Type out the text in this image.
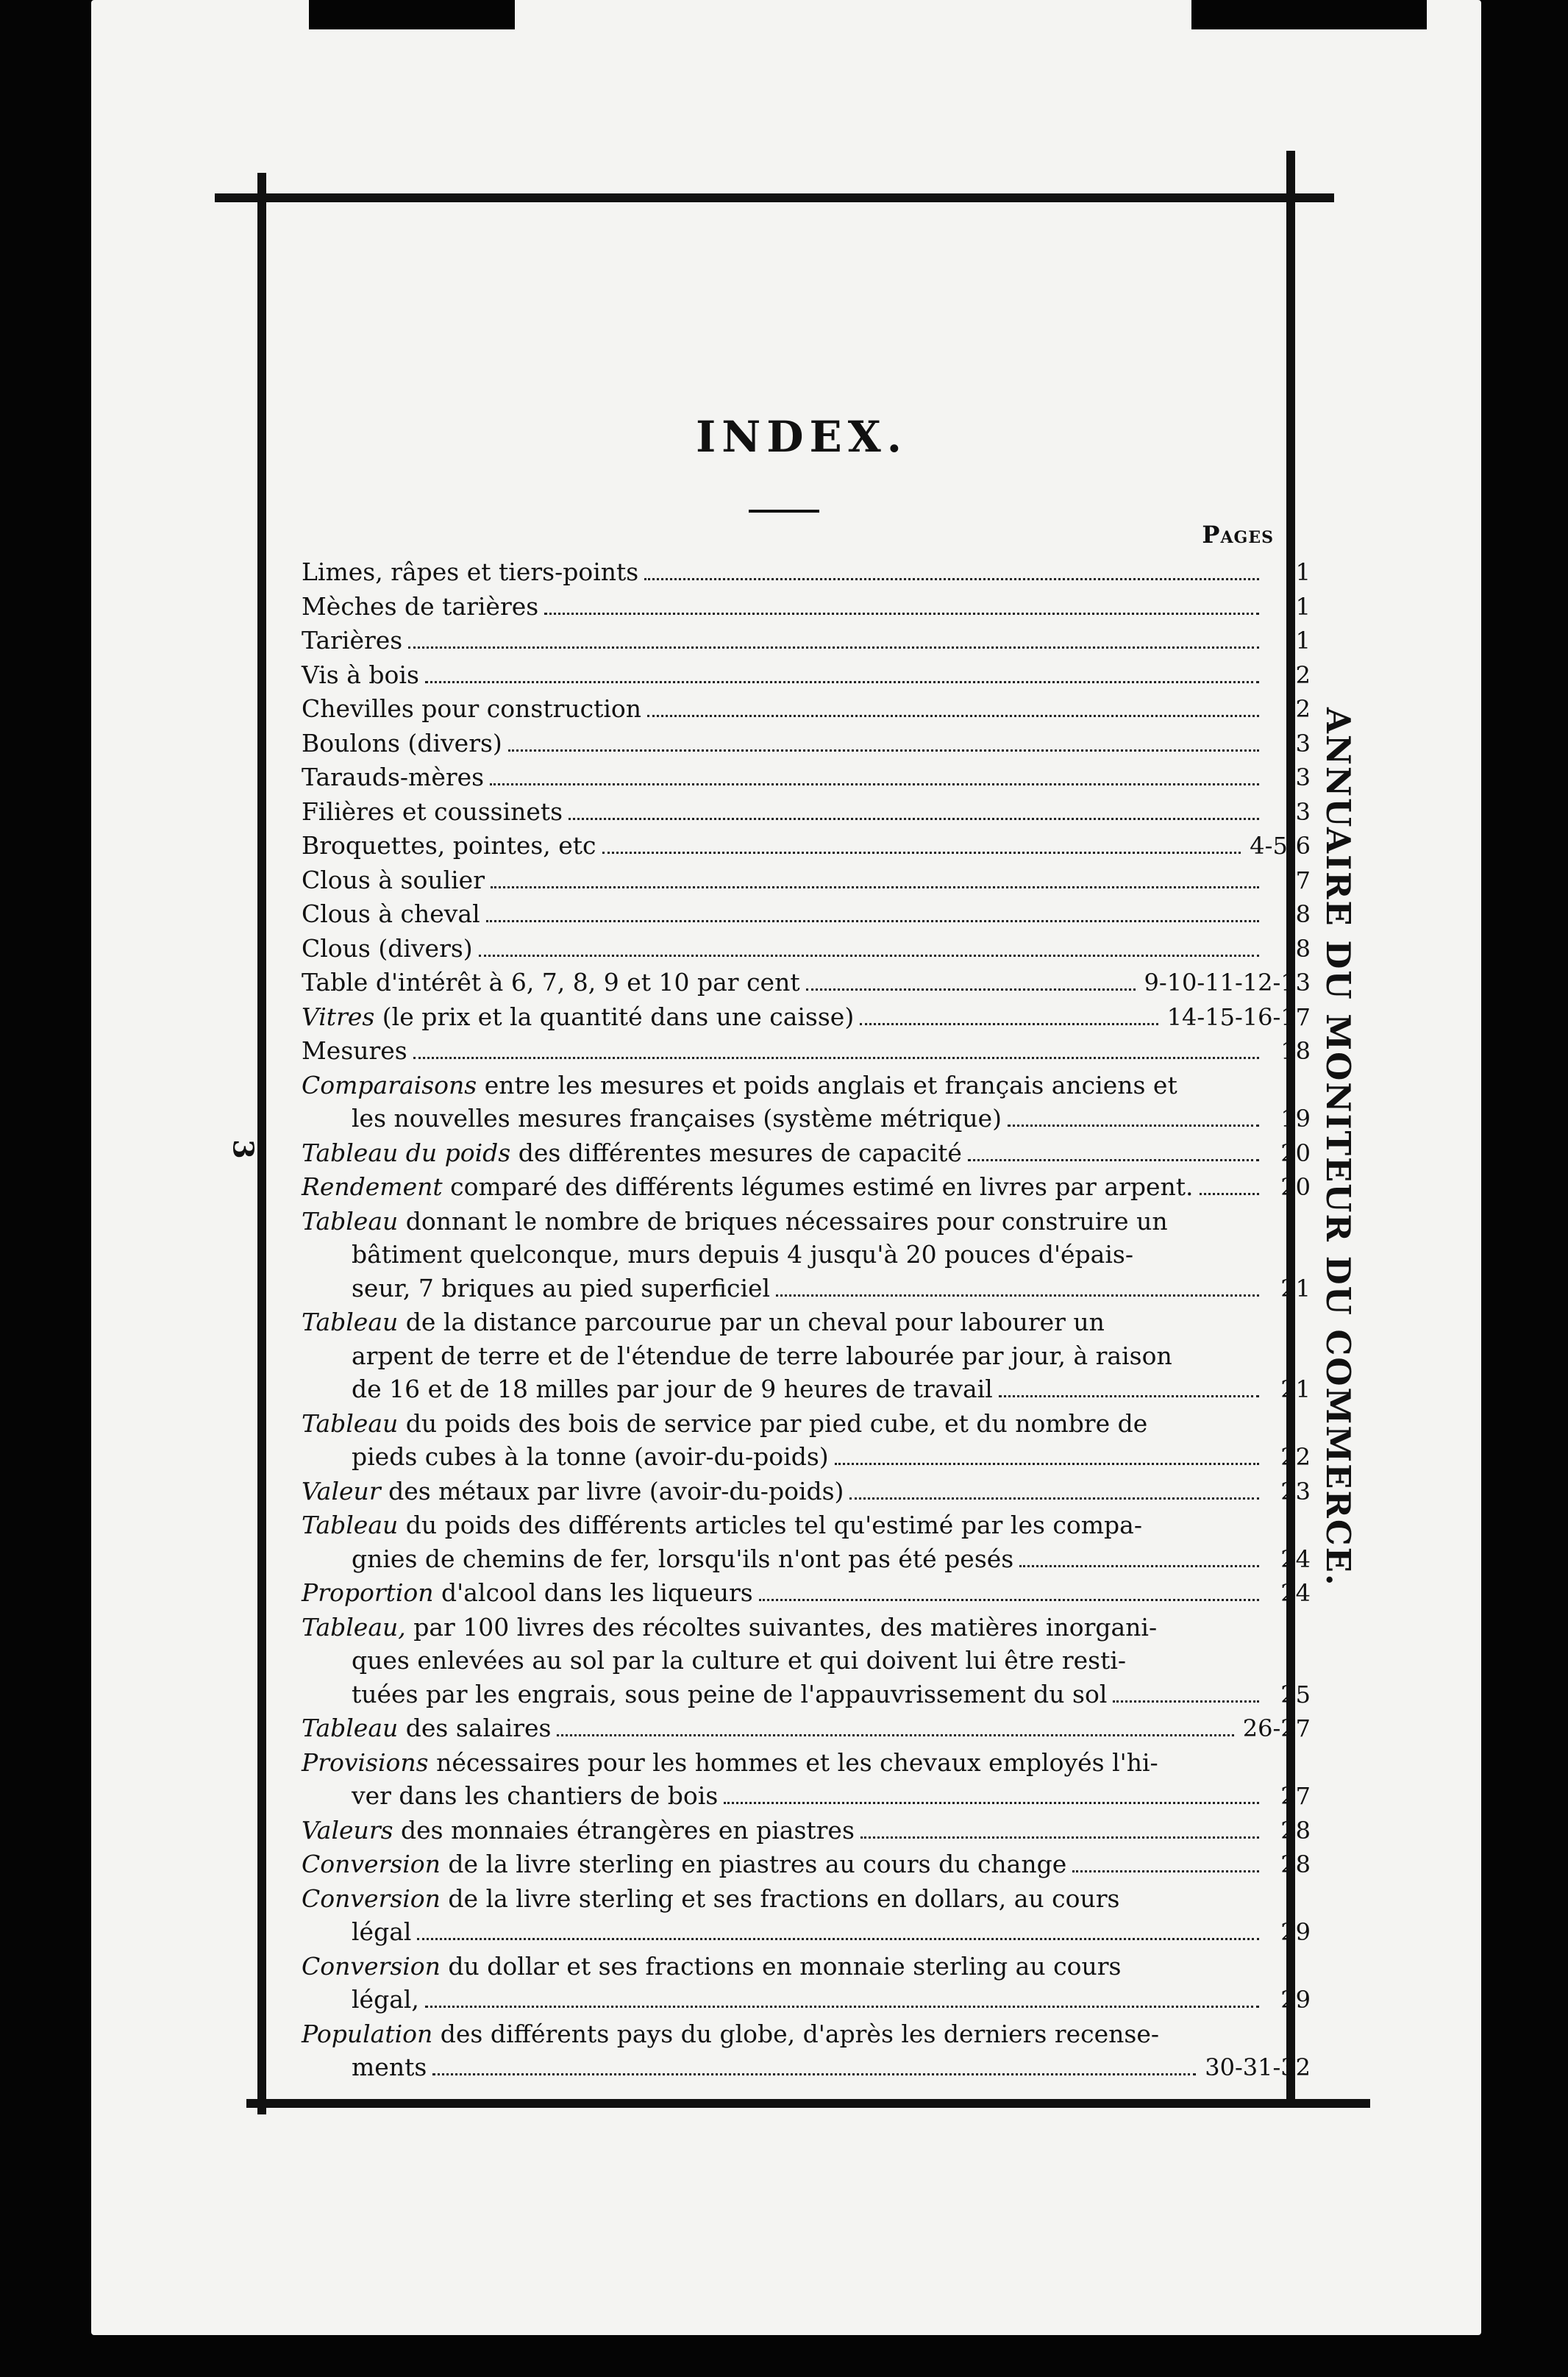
INDEX.
Pages
Limes, râpes et tiers-points	1
Mèches de tarières	1
Tarières	1
Vis à bois	2
Chevilles pour construction	2
Boulons (divers)	3
Tarauds-mères	3
Filières et coussinets	3
Broquettes, pointes, etc	4-5-6
Clous à soulier	7
Clous à cheval	8
Clous (divers)	8
Table d'intérêt à 6, 7, 8, 9 et 10 par cent	9-10-11-12-13
Vitres (le prix et la quantité dans une caisse)	14-15-16-17
Mesures	18
Comparaisons entre les mesures et poids anglais et français anciens et
les nouvelles mesures françaises (système métrique)	19
Tableau du poids des différentes mesures de capacité	20
Rendement comparé des différents légumes estimé en livres par arpent.	20
Tableau donnant le nombre de briques nécessaires pour construire un
bâtiment quelconque, murs depuis 4 jusqu'à 20 pouces d'épais-
seur, 7 briques au pied superficiel	21
Tableau de la distance parcourue par un cheval pour labourer un
arpent de terre et de l'étendue de terre labourée par jour, à raison
de 16 et de 18 milles par jour de 9 heures de travail	21
Tableau du poids des bois de service par pied cube, et du nombre de
pieds cubes à la tonne (avoir-du-poids)	22
Valeur des métaux par livre (avoir-du-poids)	23
Tableau du poids des différents articles tel qu'estimé par les compa-
gnies de chemins de fer, lorsqu'ils n'ont pas été pesés	24
Proportion d'alcool dans les liqueurs	24
Tableau, par 100 livres des récoltes suivantes, des matières inorgani-
ques enlevées au sol par la culture et qui doivent lui être resti-
tuées par les engrais, sous peine de l'appauvrissement du sol	25
Tableau des salaires	26-27
Provisions nécessaires pour les hommes et les chevaux employés l'hi-
ver dans les chantiers de bois	27
Valeurs des monnaies étrangères en piastres	28
Conversion de la livre sterling en piastres au cours du change	28
Conversion de la livre sterling et ses fractions en dollars, au cours
légal	29
Conversion du dollar et ses fractions en monnaie sterling au cours
légal,	29
Population des différents pays du globe, d'après les derniers recense-
ments	30-31-32
ANNUAIRE DU MONITEUR DU COMMERCE.
3
